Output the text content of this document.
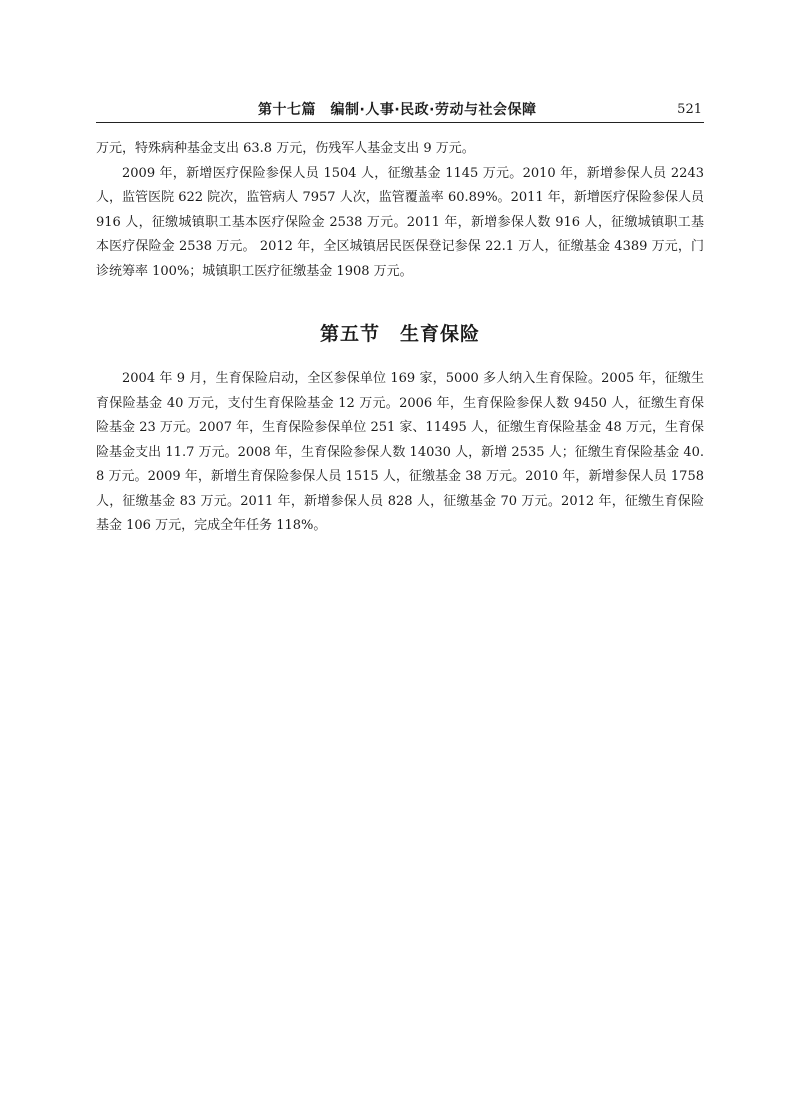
第十七篇　编制·人事·民政·劳动与社会保障	521

万元，特殊病种基金支出 63.8 万元，伤残军人基金支出 9 万元。

2009 年，新增医疗保险参保人员 1504 人，征缴基金 1145 万元。2010 年，新增参保人员 2243 人，监管医院 622 院次，监管病人 7957 人次，监管覆盖率 60.89%。2011 年，新增医疗保险参保人员 916 人，征缴城镇职工基本医疗保险金 2538 万元。2011 年，新增参保人数 916 人，征缴城镇职工基本医疗保险金 2538 万元。 2012 年，全区城镇居民医保登记参保 22.1 万人，征缴基金 4389 万元，门诊统筹率 100%；城镇职工医疗征缴基金 1908 万元。

第五节　生育保险

2004 年 9 月，生育保险启动，全区参保单位 169 家，5000 多人纳入生育保险。2005 年，征缴生育保险基金 40 万元，支付生育保险基金 12 万元。2006 年，生育保险参保人数 9450 人，征缴生育保险基金 23 万元。2007 年，生育保险参保单位 251 家、11495 人，征缴生育保险基金 48 万元，生育保险基金支出 11.7 万元。2008 年，生育保险参保人数 14030 人，新增 2535 人；征缴生育保险基金 40.8 万元。2009 年，新增生育保险参保人员 1515 人，征缴基金 38 万元。2010 年，新增参保人员 1758 人，征缴基金 83 万元。2011 年，新增参保人员 828 人，征缴基金 70 万元。2012 年，征缴生育保险基金 106 万元，完成全年任务 118%。
